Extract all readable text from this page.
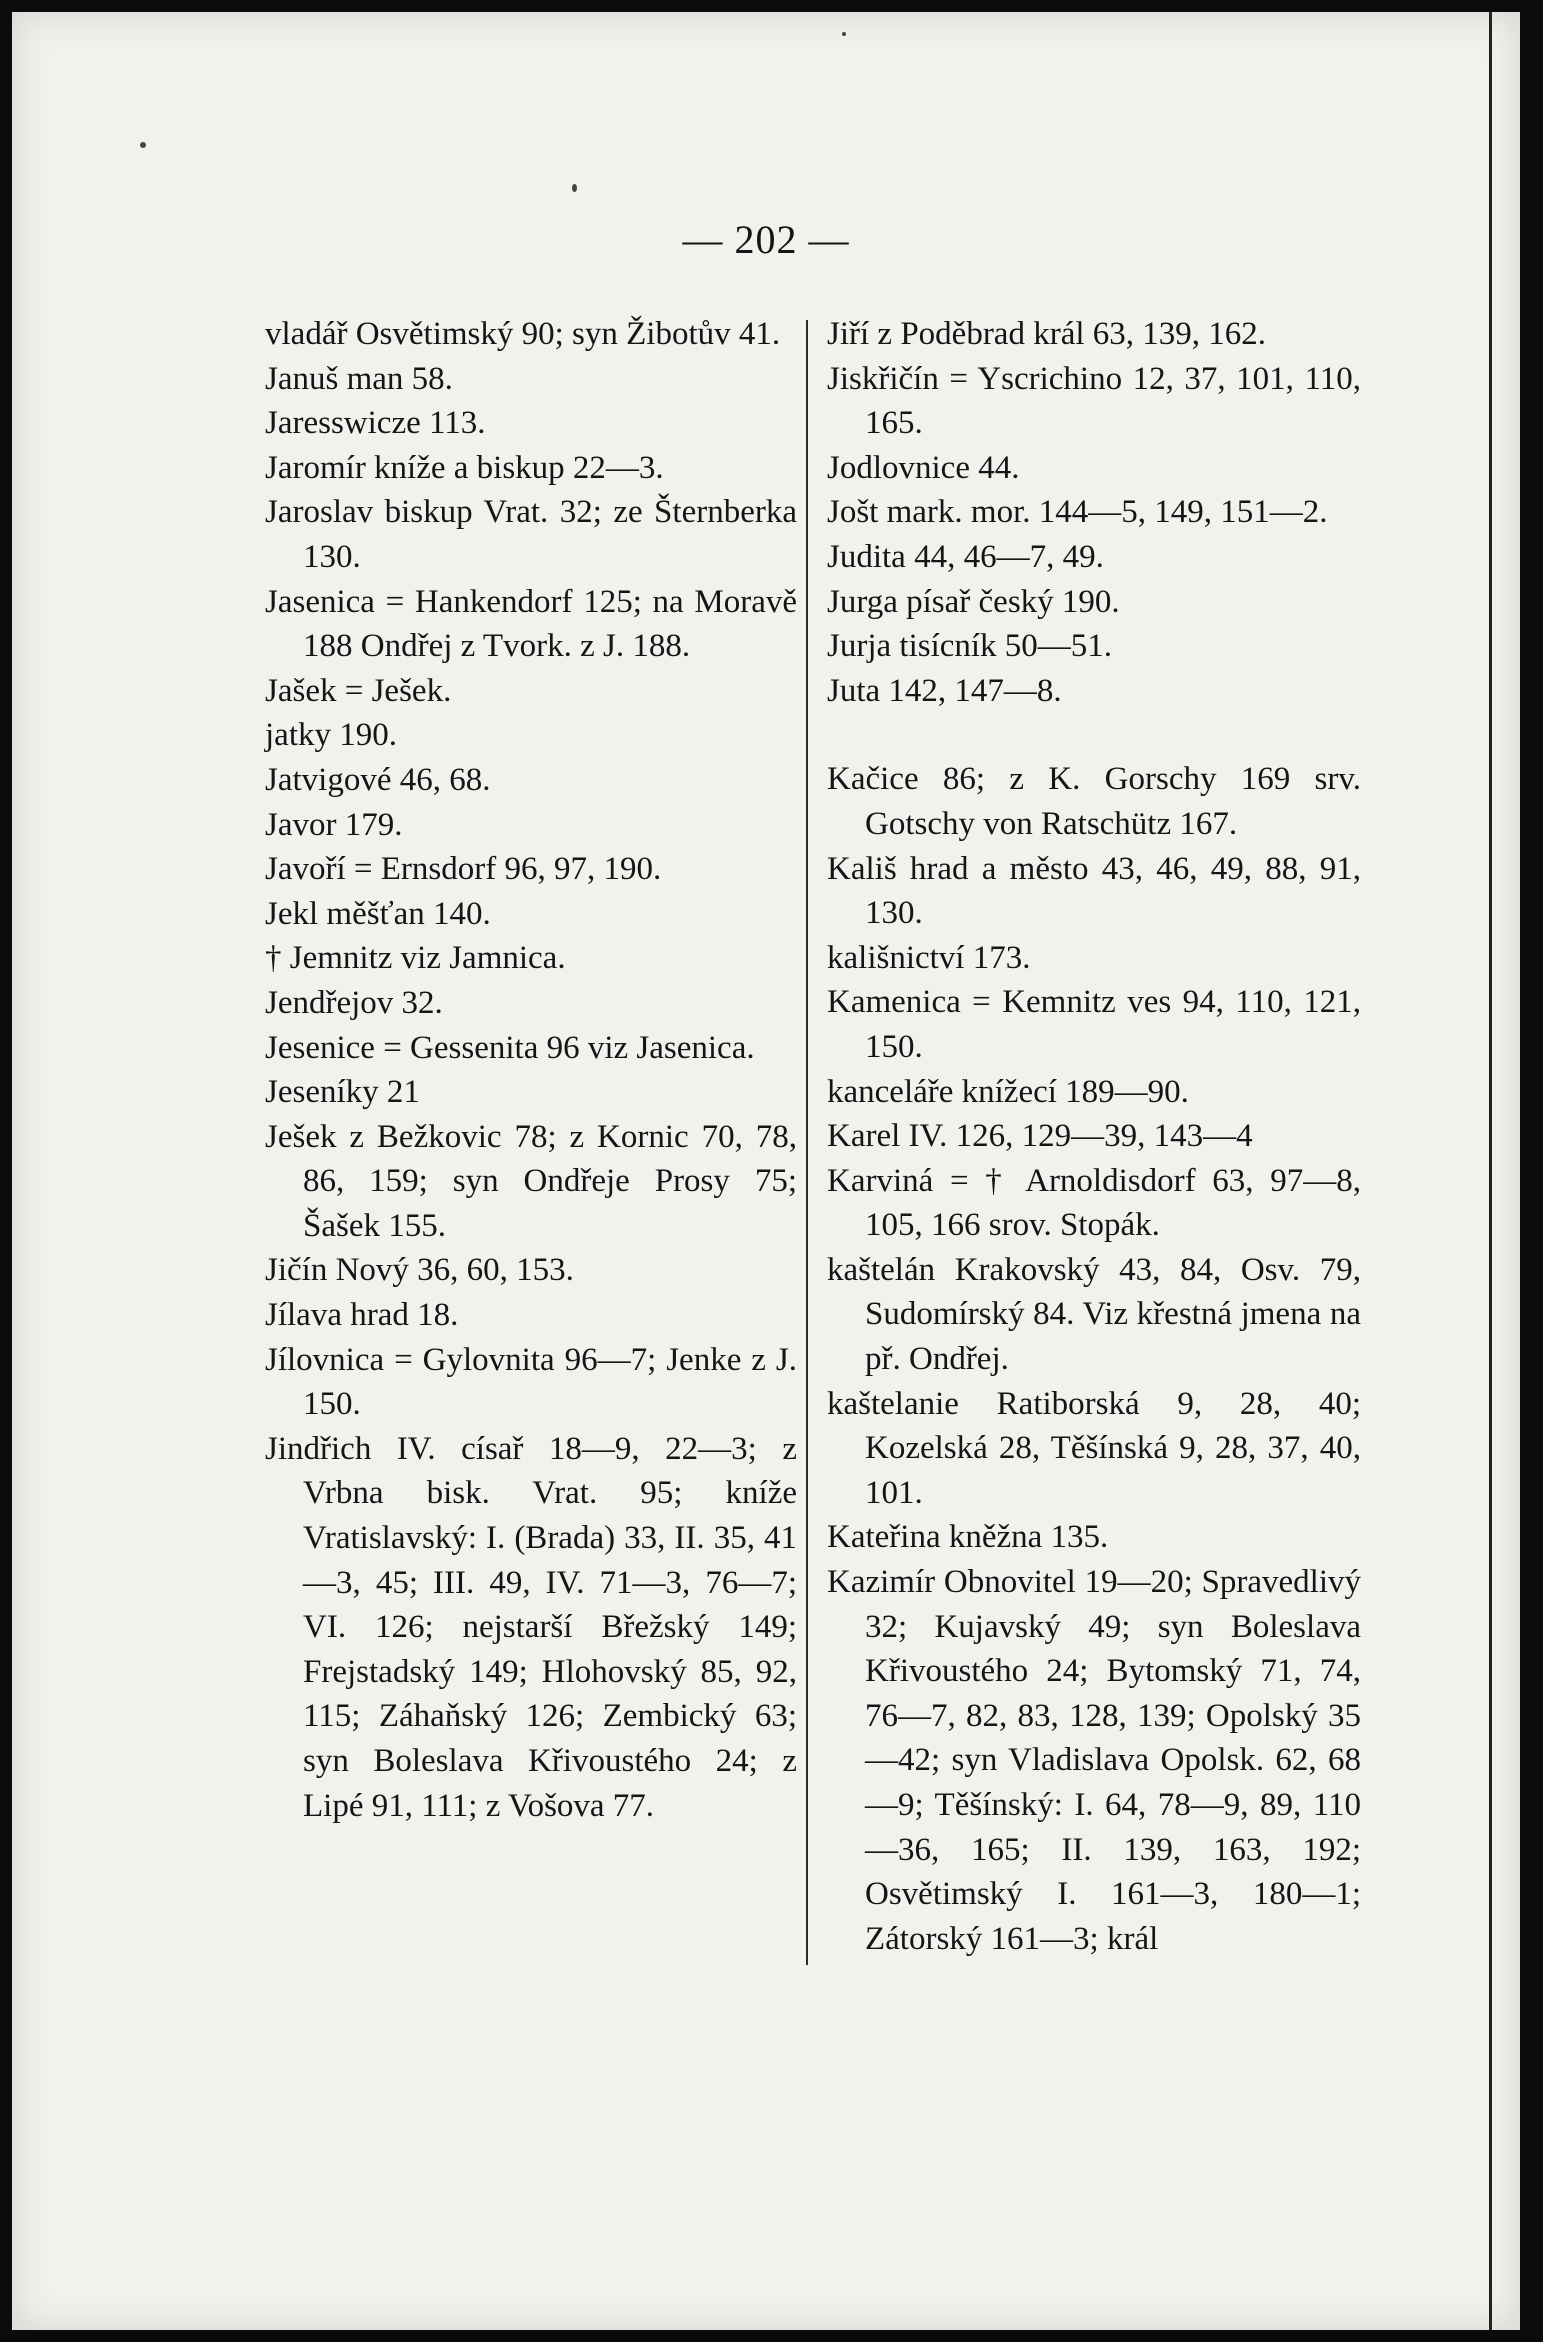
— 202 —

vladář Osvětimský 90; syn Žibotův 41.

Januš man 58.

Jaresswicze 113.

Jaromír kníže a biskup 22—3.

Jaroslav biskup Vrat. 32; ze Šternberka 130.

Jasenica = Hankendorf 125; na Moravě 188 Ondřej z Tvork. z J. 188.

Jašek = Ješek.

jatky 190.

Jatvigové 46, 68.

Javor 179.

Javoří = Ernsdorf 96, 97, 190.

Jekl měšťan 140.

† Jemnitz viz Jamnica.

Jendřejov 32.

Jesenice = Gessenita 96 viz Jasenica.

Jeseníky 21

Ješek z Bežkovic 78; z Kornic 70, 78, 86, 159; syn Ondřeje Prosy 75; Šašek 155.

Jičín Nový 36, 60, 153.

Jílava hrad 18.

Jílovnica = Gylovnita 96—7; Jenke z J. 150.

Jindřich IV. císař 18—9, 22—3; z Vrbna bisk. Vrat. 95; kníže Vratislavský: I. (Brada) 33, II. 35, 41—3, 45; III. 49, IV. 71—3, 76—7; VI. 126; nejstarší Břežský 149; Frejstadský 149; Hlohovský 85, 92, 115; Záhaňský 126; Zembický 63; syn Boleslava Křivoustého 24; z Lipé 91, 111; z Vošova 77.

Jiří z Poděbrad král 63, 139, 162.

Jiskřičín = Yscrichino 12, 37, 101, 110, 165.

Jodlovnice 44.

Jošt mark. mor. 144—5, 149, 151—2.

Judita 44, 46—7, 49.

Jurga písař český 190.

Jurja tisícník 50—51.

Juta 142, 147—8.

Kačice 86; z K. Gorschy 169 srv. Gotschy von Ratschütz 167.

Kališ hrad a město 43, 46, 49, 88, 91, 130.

kališnictví 173.

Kamenica = Kemnitz ves 94, 110, 121, 150.

kanceláře knížecí 189—90.

Karel IV. 126, 129—39, 143—4

Karviná = † Arnoldisdorf 63, 97—8, 105, 166 srov. Stopák.

kaštelán Krakovský 43, 84, Osv. 79, Sudomírský 84. Viz křestná jmena na př. Ondřej.

kaštelanie Ratiborská 9, 28, 40; Kozelská 28, Těšínská 9, 28, 37, 40, 101.

Kateřina kněžna 135.

Kazimír Obnovitel 19—20; Spravedlivý 32; Kujavský 49; syn Boleslava Křivoustého 24; Bytomský 71, 74, 76—7, 82, 83, 128, 139; Opolský 35—42; syn Vladislava Opolsk. 62, 68—9; Těšínský: I. 64, 78—9, 89, 110—36, 165; II. 139, 163, 192; Osvětimský I. 161—3, 180—1; Zátorský 161—3; král
